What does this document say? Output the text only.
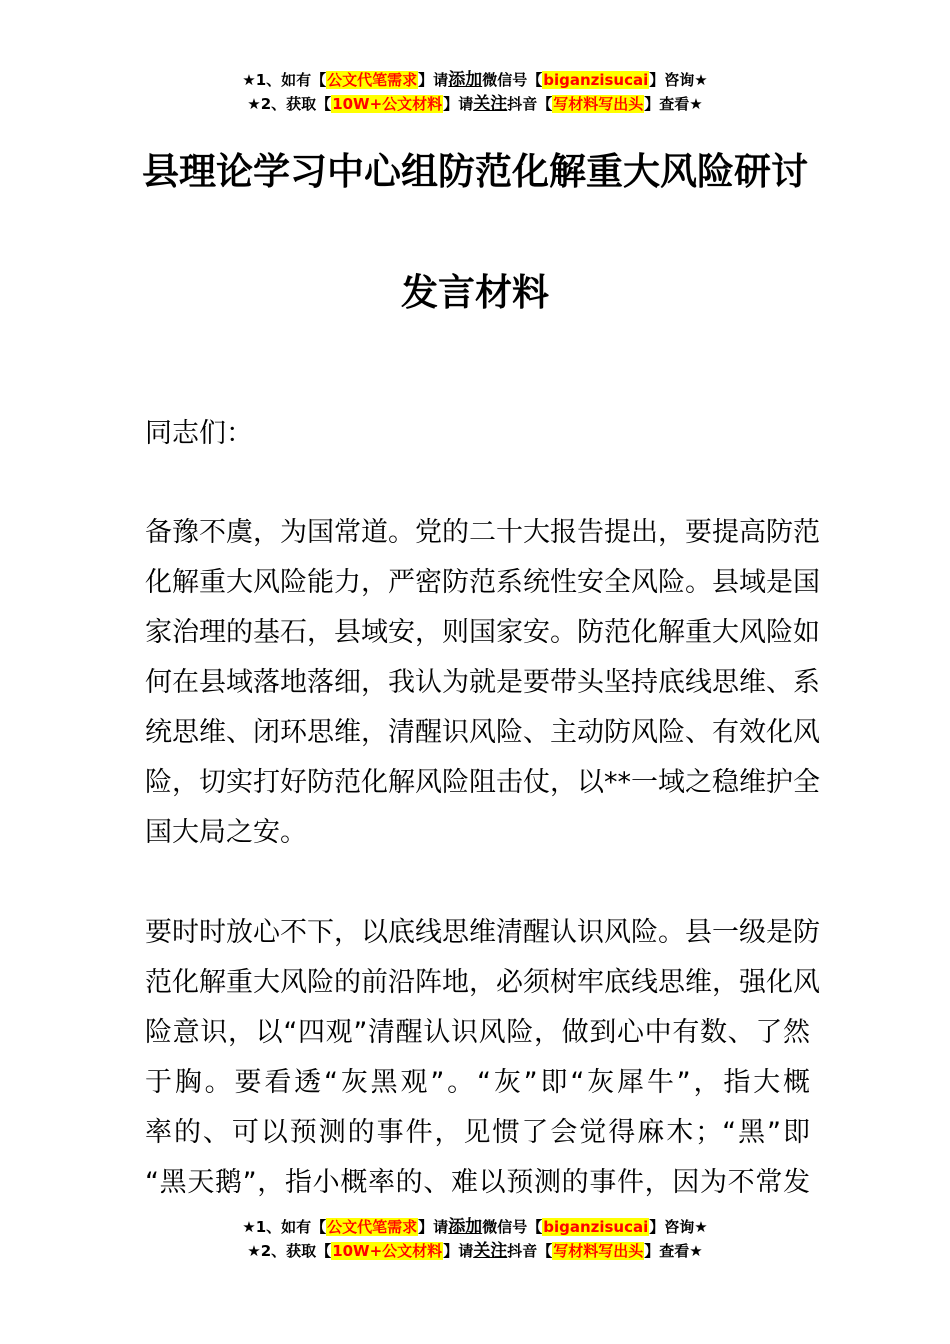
★1、如有【公文代笔需求】请添加微信号【biganzisucai】咨询★
★2、获取【10W+公文材料】请关注抖音【写材料写出头】查看★
县理论学习中心组防范化解重大风险研讨
发言材料
同志们：
备豫不虞，为国常道。党的二十大报告提出，要提高防范
化解重大风险能力，严密防范系统性安全风险。县域是国
家治理的基石，县域安，则国家安。防范化解重大风险如
何在县域落地落细，我认为就是要带头坚持底线思维、系
统思维、闭环思维，清醒识风险、主动防风险、有效化风
险，切实打好防范化解风险阻击仗，以**一域之稳维护全
国大局之安。
要时时放心不下，以底线思维清醒认识风险。县一级是防
范化解重大风险的前沿阵地，必须树牢底线思维，强化风
险意识，以“四观”清醒认识风险，做到心中有数、了然
于胸。要看透“灰黑观”。“灰”即“灰犀牛”，指大概
率的、可以预测的事件，见惯了会觉得麻木；“黑”即
“黑天鹅”，指小概率的、难以预测的事件，因为不常发
★1、如有【公文代笔需求】请添加微信号【biganzisucai】咨询★
★2、获取【10W+公文材料】请关注抖音【写材料写出头】查看★
